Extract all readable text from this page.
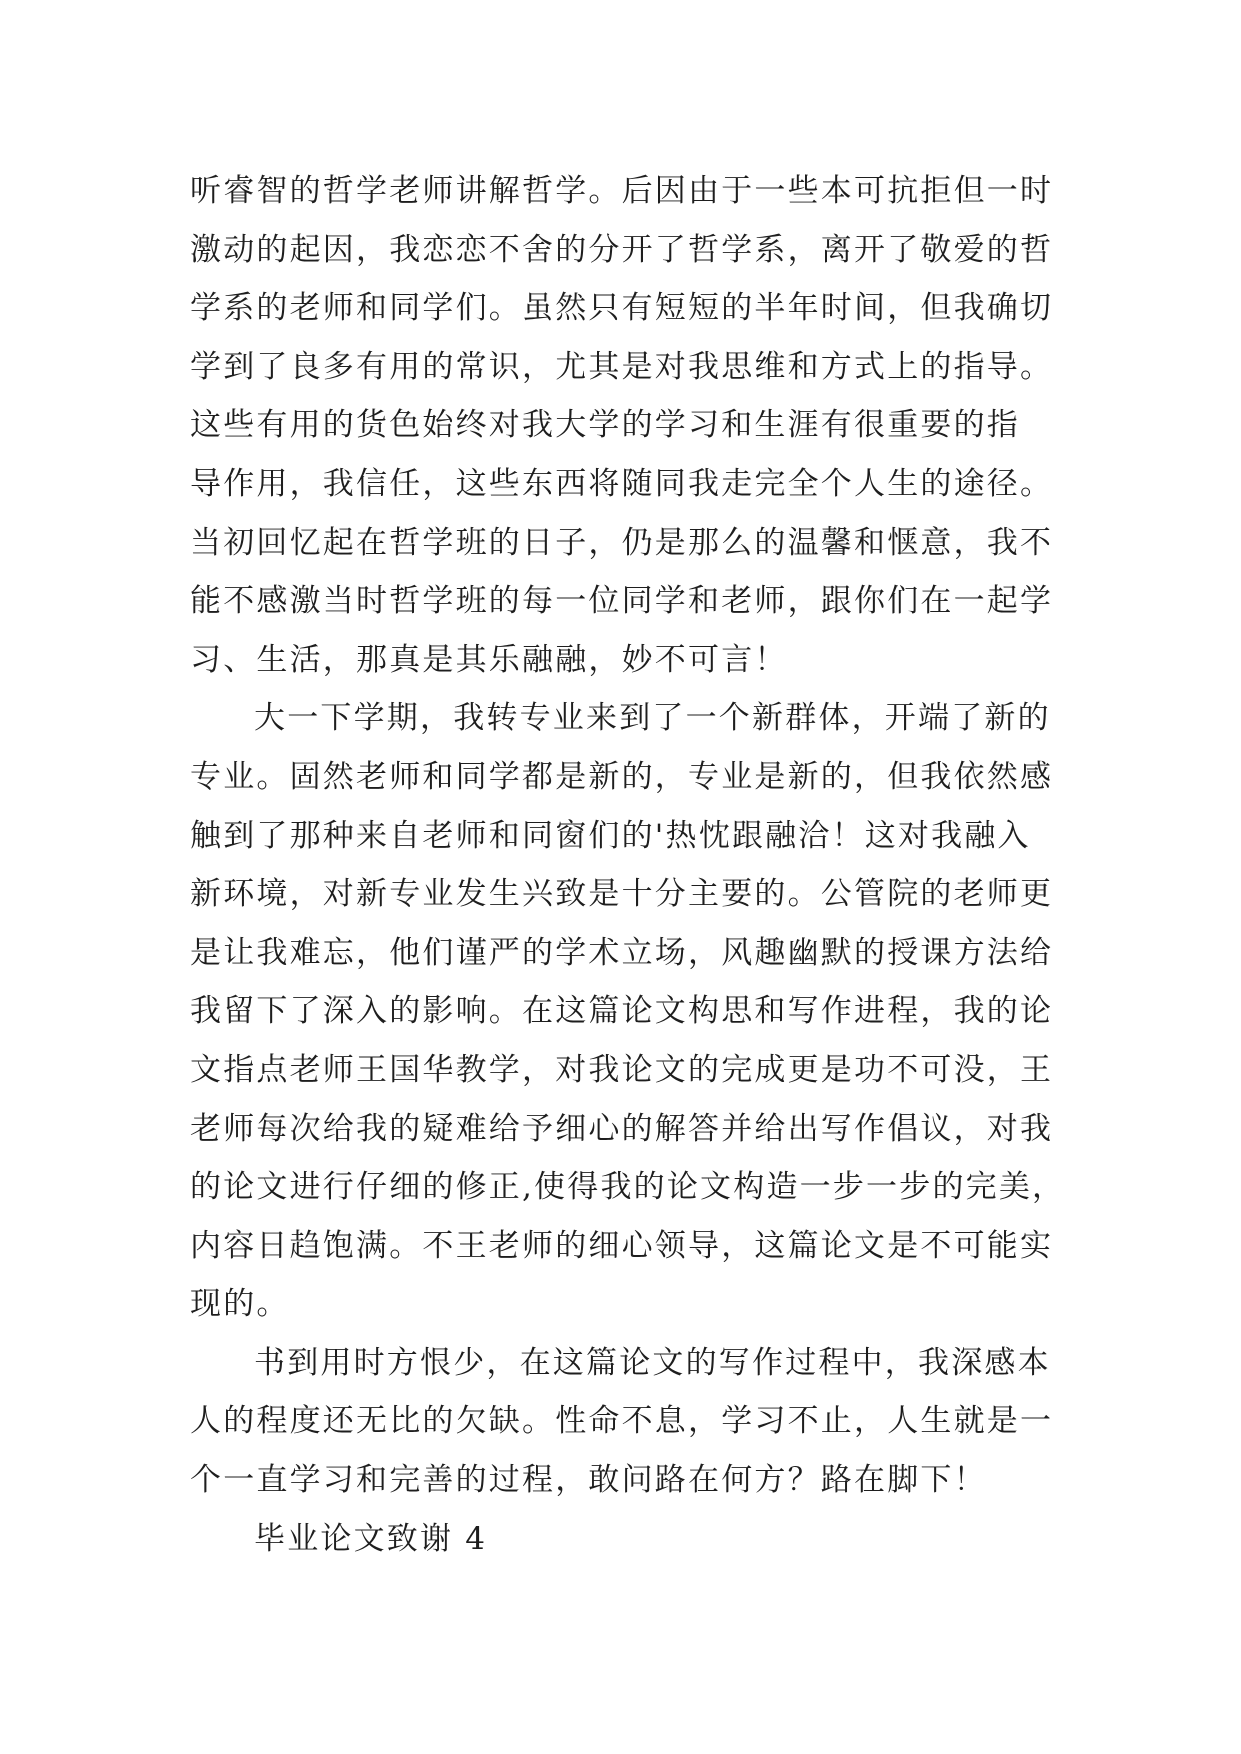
听睿智的哲学老师讲解哲学。后因由于一些本可抗拒但一时
激动的起因，我恋恋不舍的分开了哲学系，离开了敬爱的哲
学系的老师和同学们。虽然只有短短的半年时间，但我确切
学到了良多有用的常识，尤其是对我思维和方式上的指导。
这些有用的货色始终对我大学的学习和生涯有很重要的指
导作用，我信任，这些东西将随同我走完全个人生的途径。
当初回忆起在哲学班的日子，仍是那么的温馨和惬意，我不
能不感激当时哲学班的每一位同学和老师，跟你们在一起学
习、生活，那真是其乐融融，妙不可言！
大一下学期，我转专业来到了一个新群体，开端了新的
专业。固然老师和同学都是新的，专业是新的，但我依然感
触到了那种来自老师和同窗们的'热忱跟融洽！这对我融入
新环境，对新专业发生兴致是十分主要的。公管院的老师更
是让我难忘，他们谨严的学术立场，风趣幽默的授课方法给
我留下了深入的影响。在这篇论文构思和写作进程，我的论
文指点老师王国华教学，对我论文的完成更是功不可没，王
老师每次给我的疑难给予细心的解答并给出写作倡议，对我
的论文进行仔细的修正,使得我的论文构造一步一步的完美，
内容日趋饱满。不王老师的细心领导，这篇论文是不可能实
现的。
书到用时方恨少，在这篇论文的写作过程中，我深感本
人的程度还无比的欠缺。性命不息，学习不止，人生就是一
个一直学习和完善的过程，敢问路在何方？路在脚下！
毕业论文致谢 4
